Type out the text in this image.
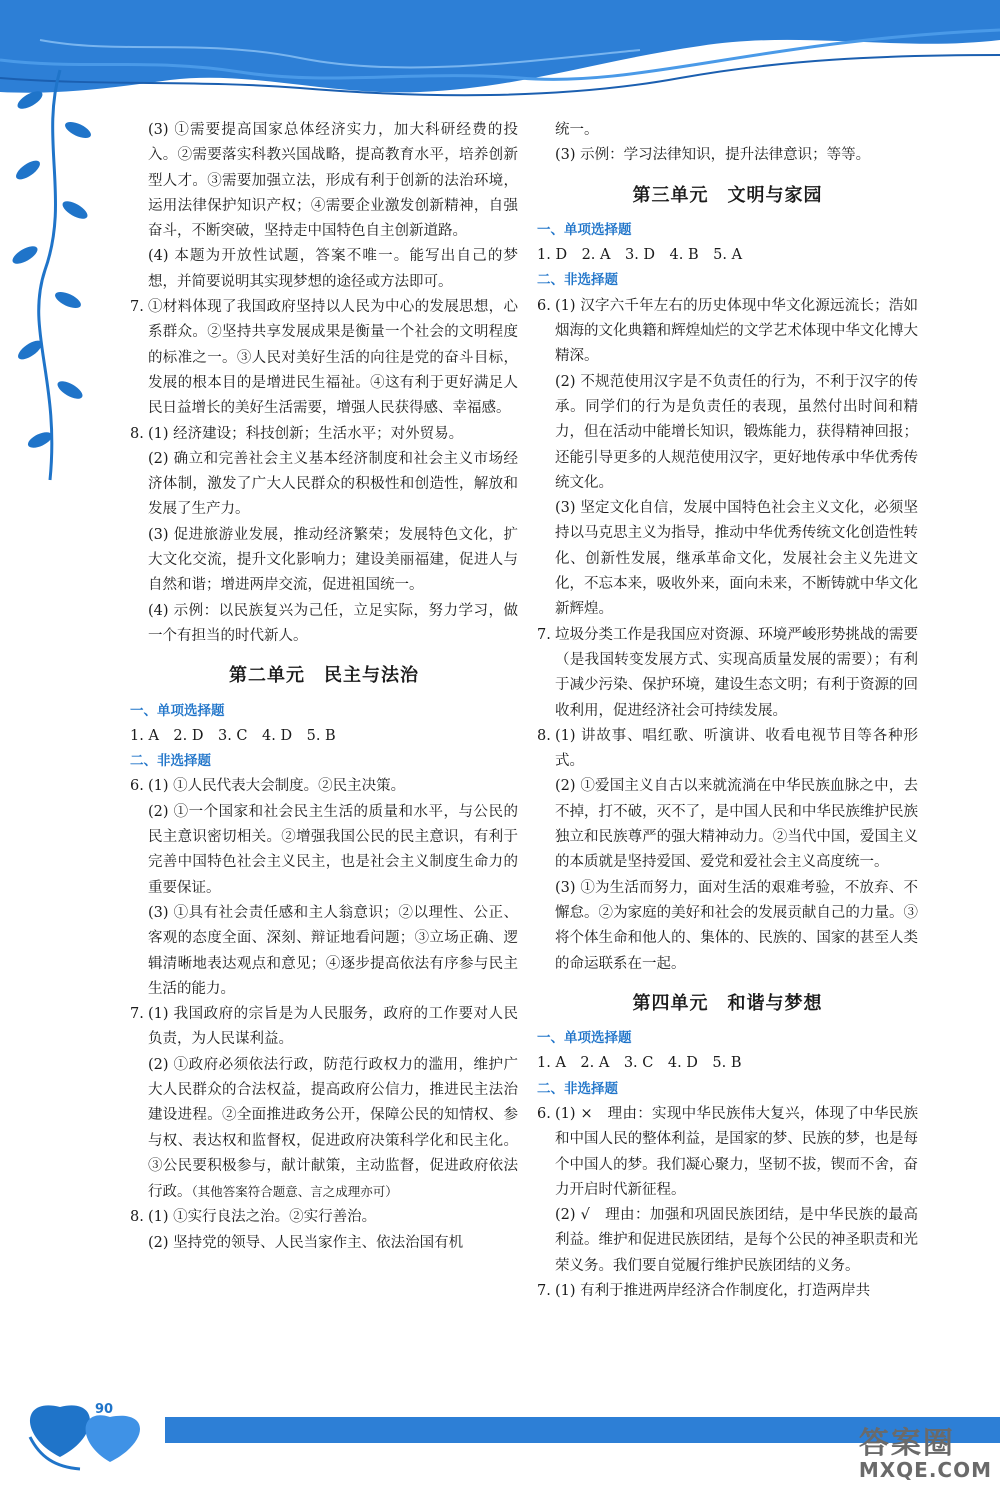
90
答案圈
MXQE.COM

(3) ①需要提高国家总体经济实力，加大科研经费的投入。②需要落实科教兴国战略，提高教育水平，培养创新型人才。③需要加强立法，形成有利于创新的法治环境，运用法律保护知识产权；④需要企业激发创新精神，自强奋斗，不断突破，坚持走中国特色自主创新道路。

(4) 本题为开放性试题，答案不唯一。能写出自己的梦想，并简要说明其实现梦想的途径或方法即可。

7. ①材料体现了我国政府坚持以人民为中心的发展思想，心系群众。②坚持共享发展成果是衡量一个社会的文明程度的标准之一。③人民对美好生活的向往是党的奋斗目标，发展的根本目的是增进民生福祉。④这有利于更好满足人民日益增长的美好生活需要，增强人民获得感、幸福感。
8. (1) 经济建设；科技创新；生活水平；对外贸易。

(2) 确立和完善社会主义基本经济制度和社会主义市场经济体制，激发了广大人民群众的积极性和创造性，解放和发展了生产力。

(3) 促进旅游业发展，推动经济繁荣；发展特色文化，扩大文化交流，提升文化影响力；建设美丽福建，促进人与自然和谐；增进两岸交流，促进祖国统一。

(4) 示例：以民族复兴为己任，立足实际，努力学习，做一个有担当的时代新人。

第二单元　民主与法治

一、单项选择题

1. A　2. D　3. C　4. D　5. B

二、非选择题

6. (1) ①人民代表大会制度。②民主决策。

(2) ①一个国家和社会民主生活的质量和水平，与公民的民主意识密切相关。②增强我国公民的民主意识，有利于完善中国特色社会主义民主，也是社会主义制度生命力的重要保证。

(3) ①具有社会责任感和主人翁意识；②以理性、公正、客观的态度全面、深刻、辩证地看问题；③立场正确、逻辑清晰地表达观点和意见；④逐步提高依法有序参与民主生活的能力。

7. (1) 我国政府的宗旨是为人民服务，政府的工作要对人民负责，为人民谋利益。

(2) ①政府必须依法行政，防范行政权力的滥用，维护广大人民群众的合法权益，提高政府公信力，推进民主法治建设进程。②全面推进政务公开，保障公民的知情权、参与权、表达权和监督权，促进政府决策科学化和民主化。③公民要积极参与，献计献策，主动监督，促进政府依法行政。（其他答案符合题意、言之成理亦可）

8. (1) ①实行良法之治。②实行善治。

(2) 坚持党的领导、人民当家作主、依法治国有机

统一。

(3) 示例：学习法律知识，提升法律意识；等等。

第三单元　文明与家园

一、单项选择题

1. D　2. A　3. D　4. B　5. A

二、非选择题

6. (1) 汉字六千年左右的历史体现中华文化源远流长；浩如烟海的文化典籍和辉煌灿烂的文学艺术体现中华文化博大精深。

(2) 不规范使用汉字是不负责任的行为，不利于汉字的传承。同学们的行为是负责任的表现，虽然付出时间和精力，但在活动中能增长知识，锻炼能力，获得精神回报；还能引导更多的人规范使用汉字，更好地传承中华优秀传统文化。

(3) 坚定文化自信，发展中国特色社会主义文化，必须坚持以马克思主义为指导，推动中华优秀传统文化创造性转化、创新性发展，继承革命文化，发展社会主义先进文化，不忘本来，吸收外来，面向未来，不断铸就中华文化新辉煌。

7. 垃圾分类工作是我国应对资源、环境严峻形势挑战的需要（是我国转变发展方式、实现高质量发展的需要）；有利于减少污染、保护环境，建设生态文明；有利于资源的回收利用，促进经济社会可持续发展。
8. (1) 讲故事、唱红歌、听演讲、收看电视节目等各种形式。

(2) ①爱国主义自古以来就流淌在中华民族血脉之中，去不掉，打不破，灭不了，是中国人民和中华民族维护民族独立和民族尊严的强大精神动力。②当代中国，爱国主义的本质就是坚持爱国、爱党和爱社会主义高度统一。

(3) ①为生活而努力，面对生活的艰难考验，不放弃、不懈怠。②为家庭的美好和社会的发展贡献自己的力量。③将个体生命和他人的、集体的、民族的、国家的甚至人类的命运联系在一起。

第四单元　和谐与梦想

一、单项选择题

1. A　2. A　3. C　4. D　5. B

二、非选择题

6. (1) ×　理由：实现中华民族伟大复兴，体现了中华民族和中国人民的整体利益，是国家的梦、民族的梦，也是每个中国人的梦。我们凝心聚力，坚韧不拔，锲而不舍，奋力开启时代新征程。

(2) √　理由：加强和巩固民族团结，是中华民族的最高利益。维护和促进民族团结，是每个公民的神圣职责和光荣义务。我们要自觉履行维护民族团结的义务。

7. (1) 有利于推进两岸经济合作制度化，打造两岸共
